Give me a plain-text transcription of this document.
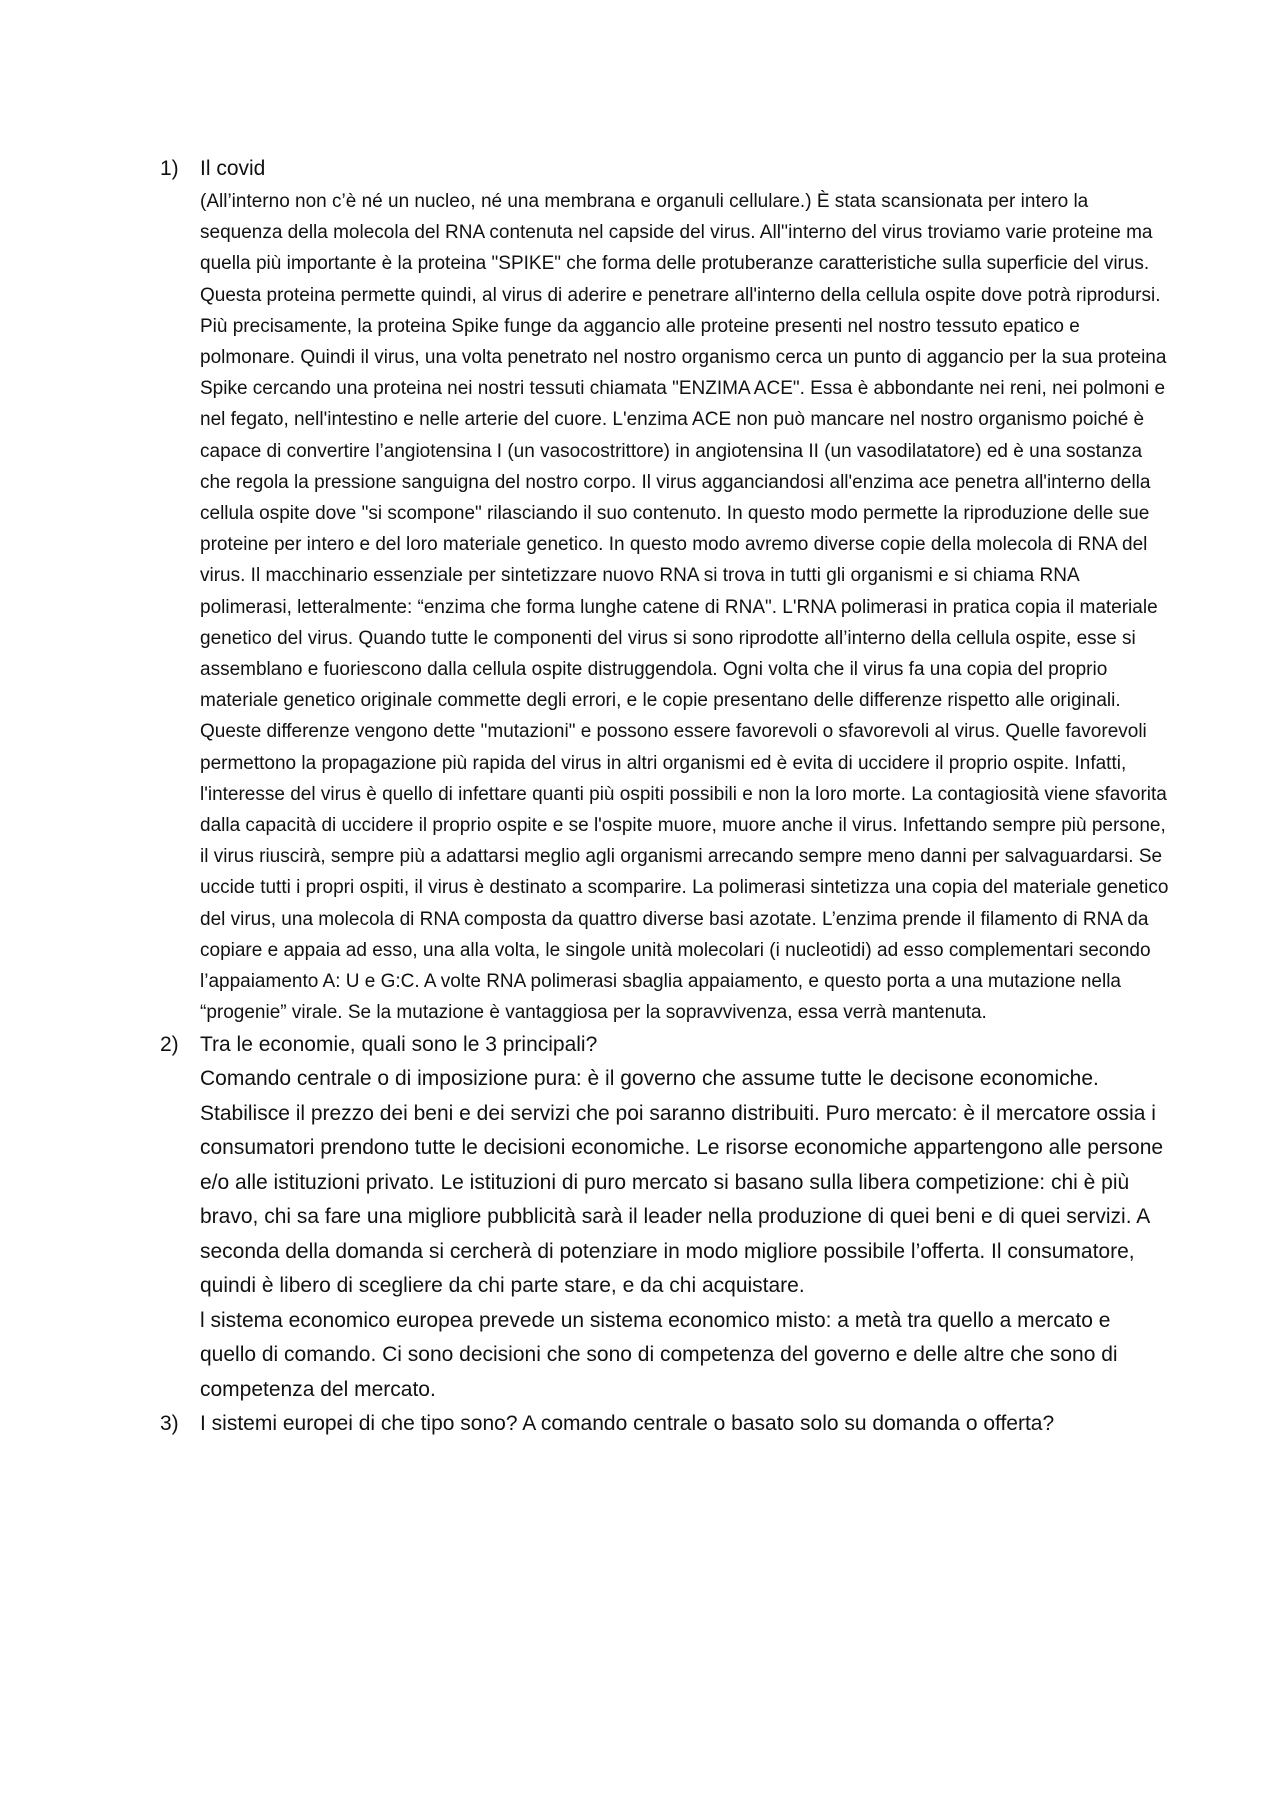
1)	Il covid
(All’interno non c’è né un nucleo, né una membrana e organuli cellulare.) È stata scansionata per intero la sequenza della molecola del RNA contenuta nel capside del virus. All''interno del virus troviamo varie proteine ma quella più importante è la proteina "SPIKE" che forma delle protuberanze caratteristiche sulla superficie del virus. Questa proteina permette quindi, al virus di aderire e penetrare all'interno della cellula ospite dove potrà riprodursi. Più precisamente, la proteina Spike funge da aggancio alle proteine presenti nel nostro tessuto epatico e polmonare. Quindi il virus, una volta penetrato nel nostro organismo cerca un punto di aggancio per la sua proteina Spike cercando una proteina nei nostri tessuti chiamata "ENZIMA ACE". Essa è abbondante nei reni, nei polmoni e nel fegato, nell'intestino e nelle arterie del cuore. L'enzima ACE non può mancare nel nostro organismo poiché è capace di convertire l’angiotensina I (un vasocostrittore) in angiotensina II (un vasodilatatore) ed è una sostanza che regola la pressione sanguigna del nostro corpo. Il virus agganciandosi all'enzima ace penetra all'interno della cellula ospite dove "si scompone" rilasciando il suo contenuto. In questo modo permette la riproduzione delle sue proteine per intero e del loro materiale genetico. In questo modo avremo diverse copie della molecola di RNA del virus. Il macchinario essenziale per sintetizzare nuovo RNA si trova in tutti gli organismi e si chiama RNA polimerasi, letteralmente: “enzima che forma lunghe catene di RNA". L'RNA polimerasi in pratica copia il materiale genetico del virus. Quando tutte le componenti del virus si sono riprodotte all’interno della cellula ospite, esse si assemblano e fuoriescono dalla cellula ospite distruggendola. Ogni volta che il virus fa una copia del proprio materiale genetico originale commette degli errori, e le copie presentano delle differenze rispetto alle originali. Queste differenze vengono dette "mutazioni" e possono essere favorevoli o sfavorevoli al virus. Quelle favorevoli permettono la propagazione più rapida del virus in altri organismi ed è evita di uccidere il proprio ospite. Infatti, l'interesse del virus è quello di infettare quanti più ospiti possibili e non la loro morte. La contagiosità viene sfavorita dalla capacità di uccidere il proprio ospite e se l'ospite muore, muore anche il virus. Infettando sempre più persone, il virus riuscirà, sempre più a adattarsi meglio agli organismi arrecando sempre meno danni per salvaguardarsi. Se uccide tutti i propri ospiti, il virus è destinato a scomparire. La polimerasi sintetizza una copia del materiale genetico del virus, una molecola di RNA composta da quattro diverse basi azotate. L’enzima prende il filamento di RNA da copiare e appaia ad esso, una alla volta, le singole unità molecolari (i nucleotidi) ad esso complementari secondo l’appaiamento A: U e G:C. A volte RNA polimerasi sbaglia appaiamento, e questo porta a una mutazione nella “progenie” virale. Se la mutazione è vantaggiosa per la sopravvivenza, essa verrà mantenuta.
2)	Tra le economie, quali sono le 3 principali?
Comando centrale o di imposizione pura: è il governo che assume tutte le decisone economiche. Stabilisce il prezzo dei beni e dei servizi che poi saranno distribuiti. Puro mercato: è il mercatore ossia i consumatori prendono tutte le decisioni economiche. Le risorse economiche appartengono alle persone e/o alle istituzioni privato. Le istituzioni di puro mercato si basano sulla libera competizione: chi è più bravo, chi sa fare una migliore pubblicità sarà il leader nella produzione di quei beni e di quei servizi. A seconda della domanda si cercherà di potenziare in modo migliore possibile l’offerta. Il consumatore, quindi è libero di scegliere da chi parte stare, e da chi acquistare.
l sistema economico europea prevede un sistema economico misto: a metà tra quello a mercato e quello di comando. Ci sono decisioni che sono di competenza del governo e delle altre che sono di competenza del mercato.
3)	I sistemi europei di che tipo sono? A comando centrale o basato solo su domanda o offerta?
